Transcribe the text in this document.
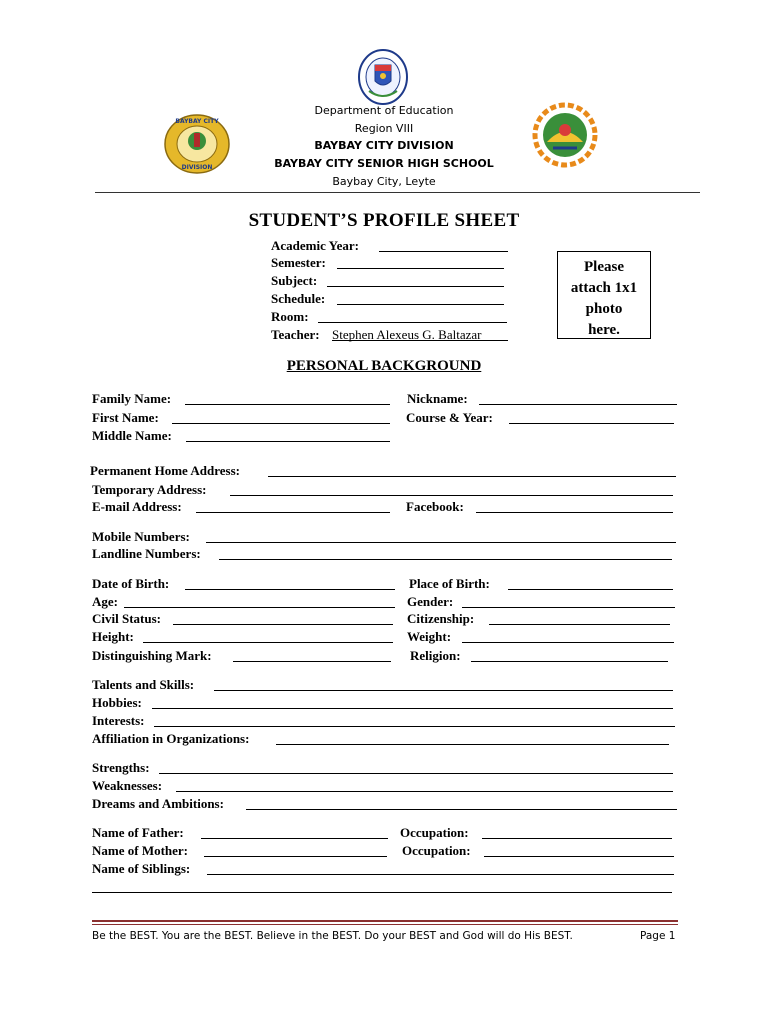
BAYBAY CITY
DIVISION
Department of Education
Region VIII
BAYBAY CITY DIVISION
BAYBAY CITY SENIOR HIGH SCHOOL
Baybay City, Leyte
STUDENT’S PROFILE SHEET
Academic Year:
Semester:
Subject:
Schedule:
Room:
Teacher: Stephen Alexeus G. Baltazar
Please
attach 1x1
photo
here.
PERSONAL BACKGROUND
Family Name:	Nickname:
First Name:	Course & Year:
Middle Name:
Permanent Home Address:
Temporary Address:
E-mail Address:	Facebook:
Mobile Numbers:
Landline Numbers:
Date of Birth:	Place of Birth:
Age:	Gender:
Civil Status:	Citizenship:
Height:	Weight:
Distinguishing Mark:	Religion:
Talents and Skills:
Hobbies:
Interests:
Affiliation in Organizations:
Strengths:
Weaknesses:
Dreams and Ambitions:
Name of Father:	Occupation:
Name of Mother:	Occupation:
Name of Siblings:
Be the BEST. You are the BEST. Believe in the BEST. Do your BEST and God will do His BEST.	Page 1
